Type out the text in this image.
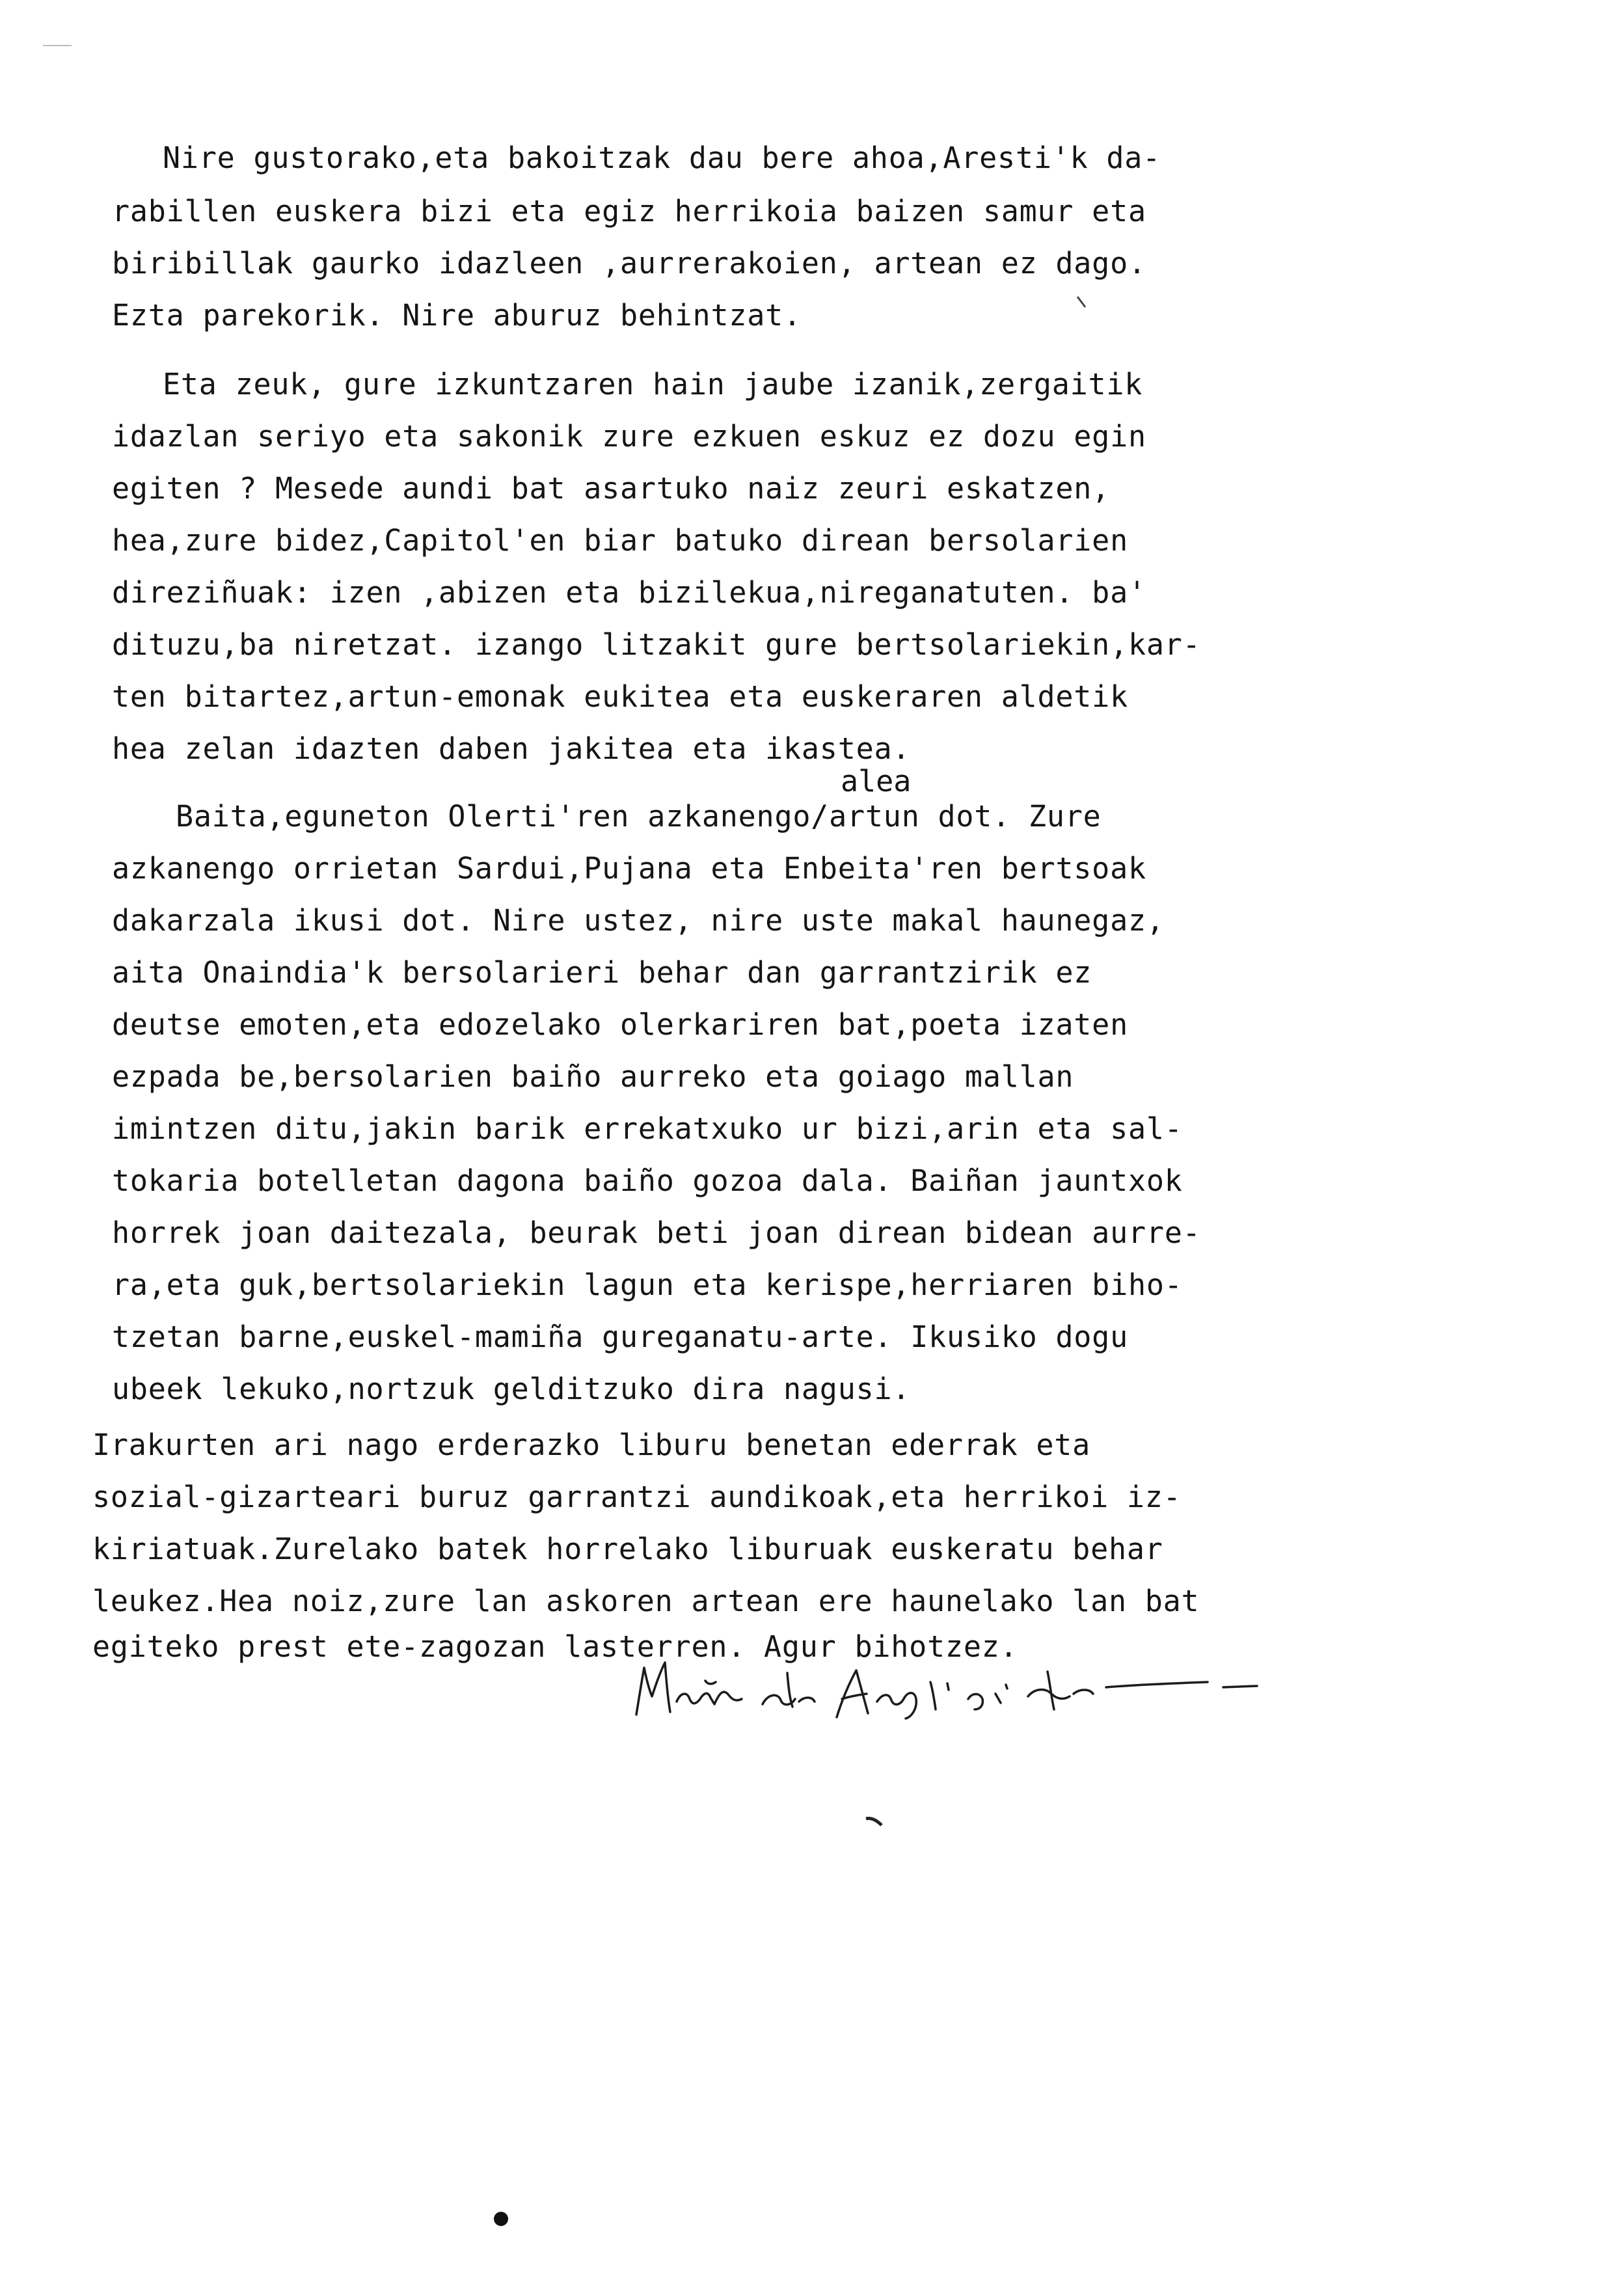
Nire gustorako,eta bakoitzak dau bere ahoa,Aresti'k da-
rabillen euskera bizi eta egiz herrikoia baizen samur eta
biribillak gaurko idazleen ,aurrerakoien, artean ez dago.
Ezta parekorik. Nire aburuz behintzat.
Eta zeuk, gure izkuntzaren hain jaube izanik,zergaitik
idazlan seriyo eta sakonik zure ezkuen eskuz ez dozu egin
egiten ? Mesede aundi bat asartuko naiz zeuri eskatzen,
hea,zure bidez,Capitol'en biar batuko direan bersolarien
direziñuak: izen ,abizen eta bizilekua,nireganatuten. ba'
dituzu,ba niretzat. izango litzakit gure bertsolariekin,kar-
ten bitartez,artun-emonak eukitea eta euskeraren aldetik
hea zelan idazten daben jakitea eta ikastea.
alea
Baita,eguneton Olerti'ren azkanengo/artun dot. Zure
azkanengo orrietan Sardui,Pujana eta Enbeita'ren bertsoak
dakarzala ikusi dot. Nire ustez, nire uste makal haunegaz,
aita Onaindia'k bersolarieri behar dan garrantzirik ez
deutse emoten,eta edozelako olerkariren bat,poeta izaten
ezpada be,bersolarien baiño aurreko eta goiago mallan
imintzen ditu,jakin barik errekatxuko ur bizi,arin eta sal-
tokaria botelletan dagona baiño gozoa dala. Baiñan jauntxok
horrek joan daitezala, beurak beti joan direan bidean aurre-
ra,eta guk,bertsolariekin lagun eta kerispe,herriaren biho-
tzetan barne,euskel-mamiña gureganatu-arte. Ikusiko dogu
ubeek lekuko,nortzuk gelditzuko dira nagusi.
Irakurten ari nago erderazko liburu benetan ederrak eta
sozial-gizarteari buruz garrantzi aundikoak,eta herrikoi iz-
kiriatuak.Zurelako batek horrelako liburuak euskeratu behar
leukez.Hea noiz,zure lan askoren artean ere haunelako lan bat
egiteko prest ete-zagozan lasterren. Agur bihotzez.
